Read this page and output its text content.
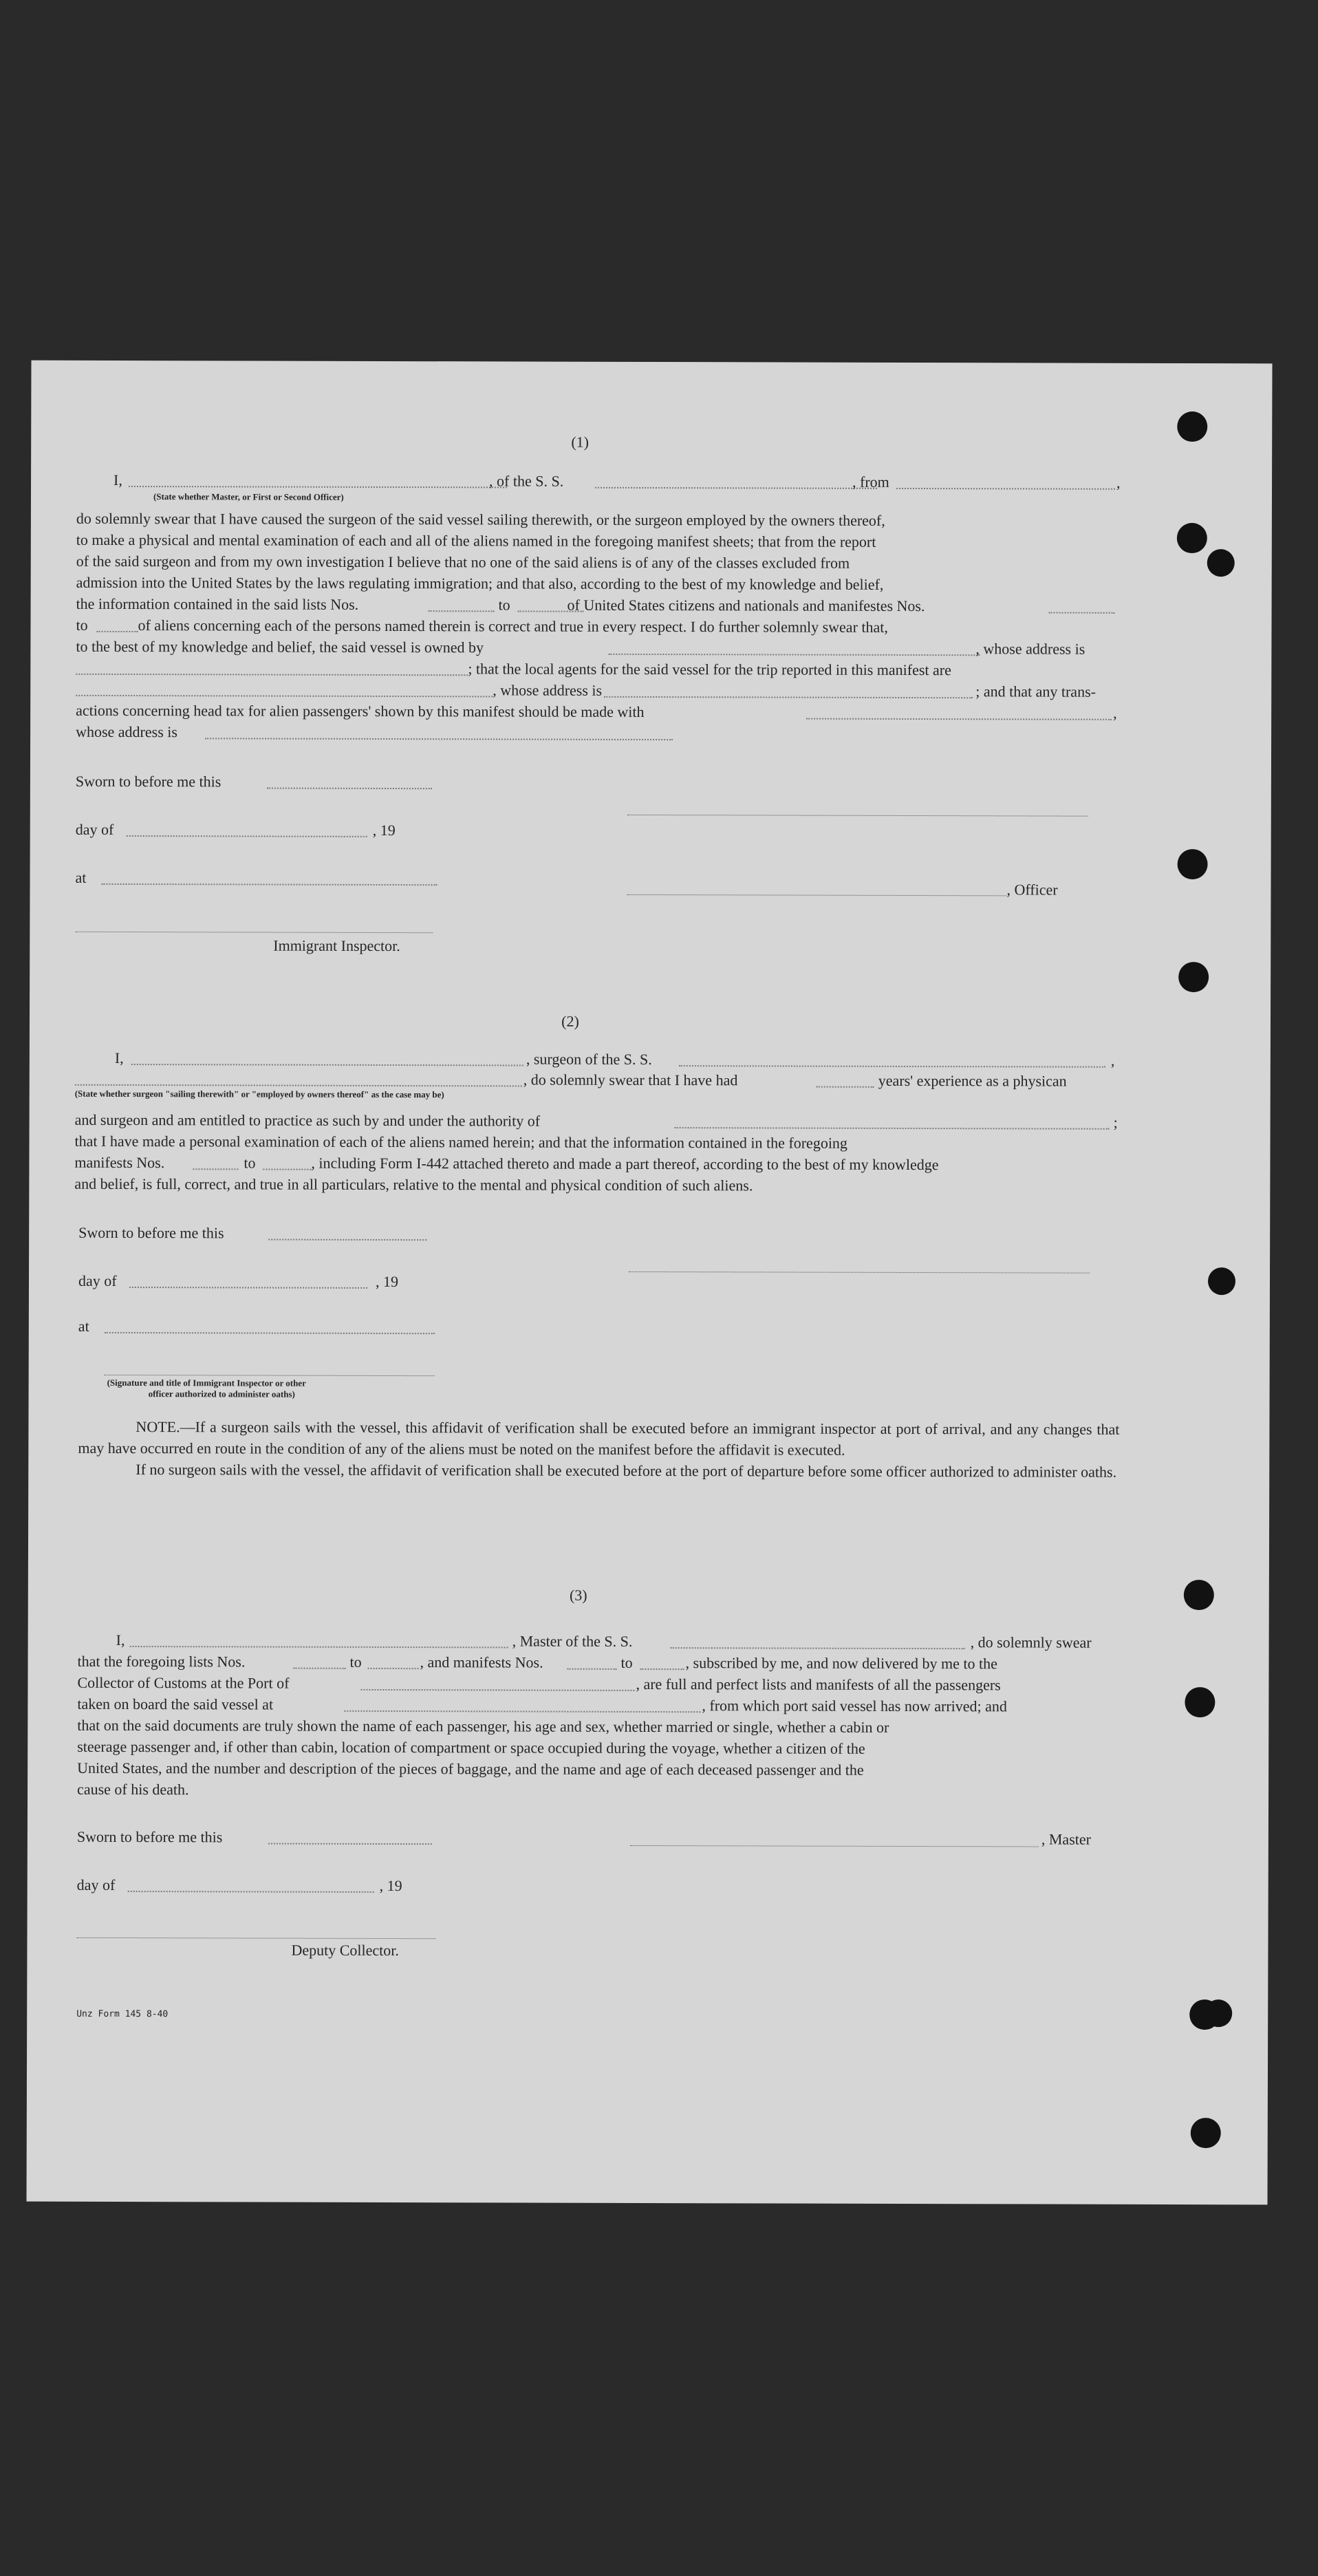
(1)
I,	, of the S. S.	, from	,
(State whether Master, or First or Second Officer)

do solemnly swear that I have caused the surgeon of the said vessel sailing therewith, or the surgeon employed by the owners thereof,

to make a physical and mental examination of each and all of the aliens named in the foregoing manifest sheets; that from the report

of the said surgeon and from my own investigation I believe that no one of the said aliens is of any of the classes excluded from

admission into the United States by the laws regulating immigration; and that also, according to the best of my knowledge and belief,

the information contained in the said lists Nos.	to	of United States citizens and nationals and manifestes Nos.
to	of aliens concerning each of the persons named therein is correct and true in every respect. I do further solemnly swear that,
to the best of my knowledge and belief, the said vessel is owned by	, whose address is
; that the local agents for the said vessel for the trip reported in this manifest are
, whose address is	; and that any trans-
actions concerning head tax for alien passengers' shown by this manifest should be made with	,
whose address is
Sworn to before me this
day of	, 19
at
, Officer
Immigrant Inspector.
(2)
I,	, surgeon of the S. S.	,
, do solemnly swear that I have had	years' experience as a physican
(State whether surgeon "sailing therewith" or "employed by owners thereof" as the case may be)
and surgeon and am entitled to practice as such by and under the authority of	;
that I have made a personal examination of each of the aliens named herein; and that the information contained in the foregoing
manifests Nos.	to	, including Form I-442 attached thereto and made a part thereof, according to the best of my knowledge
and belief, is full, correct, and true in all particulars, relative to the mental and physical condition of such aliens.
Sworn to before me this
day of	, 19
at
(Signature and title of Immigrant Inspector or other
officer authorized to administer oaths)

NOTE.—If a surgeon sails with the vessel, this affidavit of verification shall be executed before an immigrant inspector at port of arrival, and any changes that may have occurred en route in the condition of any of the aliens must be noted on the manifest before the affidavit is executed.

If no surgeon sails with the vessel, the affidavit of verification shall be executed before at the port of departure before some officer authorized to administer oaths.

(3)
I,	, Master of the S. S.	, do solemnly swear
that the foregoing lists Nos.	to	, and manifests Nos.	to	, subscribed by me, and now delivered by me to the
Collector of Customs at the Port of	, are full and perfect lists and manifests of all the passengers
taken on board the said vessel at	, from which port said vessel has now arrived; and

that on the said documents are truly shown the name of each passenger, his age and sex, whether married or single, whether a cabin or

steerage passenger and, if other than cabin, location of compartment or space occupied during the voyage, whether a citizen of the

United States, and the number and description of the pieces of baggage, and the name and age of each deceased passenger and the

cause of his death.

Sworn to before me this	, Master
day of	, 19
Deputy Collector.
Unz Form 145 8-40
